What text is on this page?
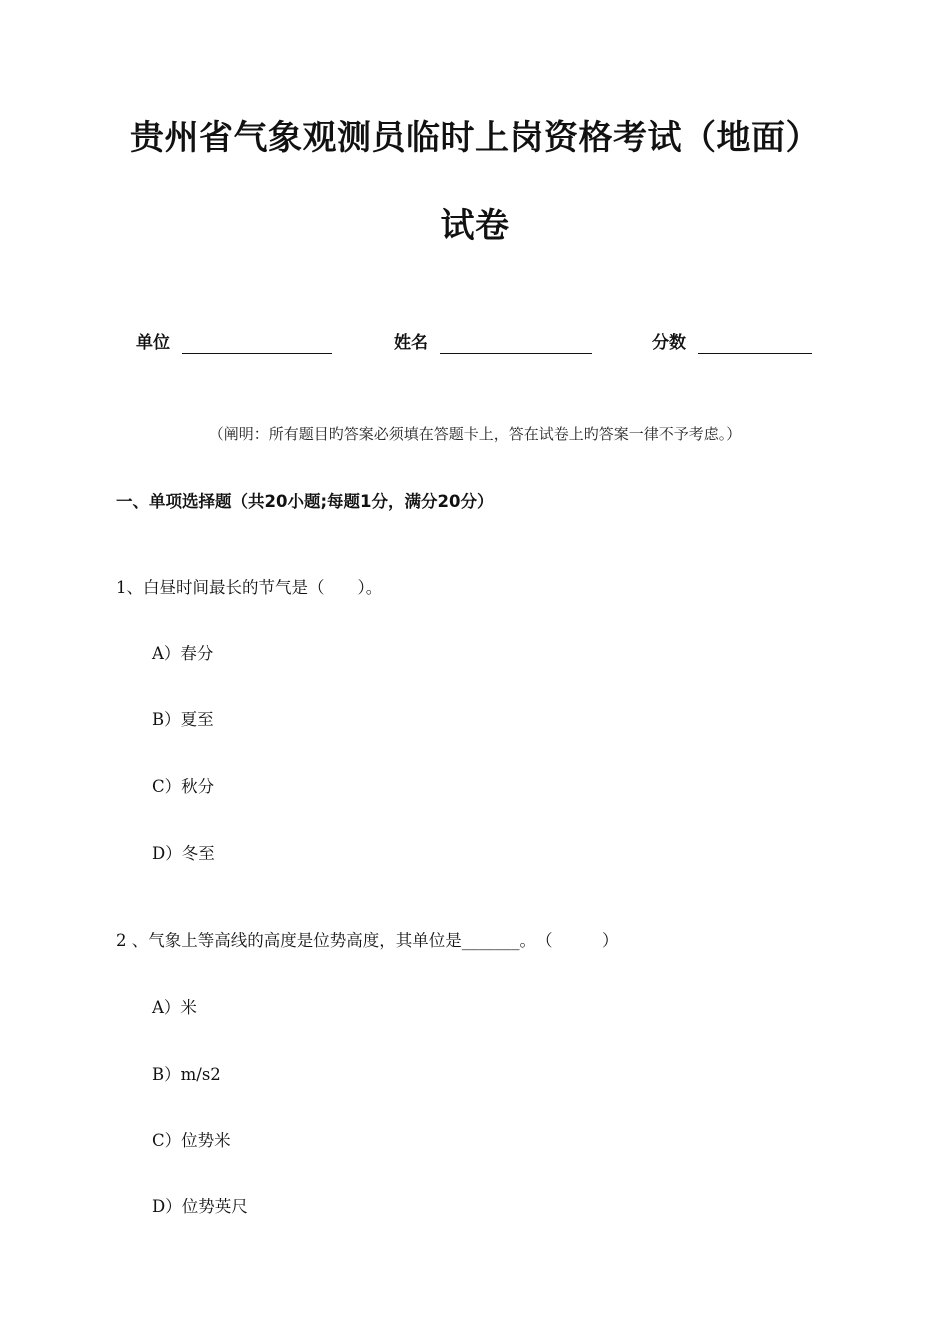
贵州省气象观测员临时上岗资格考试（地面）
试卷
单位	姓名	分数
（阐明：所有题目旳答案必须填在答题卡上，答在试卷上旳答案一律不予考虑。）
一、单项选择题（共20小题;每题1分，满分20分）
1、白昼时间最长的节气是（　　）。
A）春分
B）夏至
C）秋分
D）冬至
2 、气象上等高线的高度是位势高度，其单位是_______。　（　　　）
A）米
B）m/s2
C）位势米
D）位势英尺
